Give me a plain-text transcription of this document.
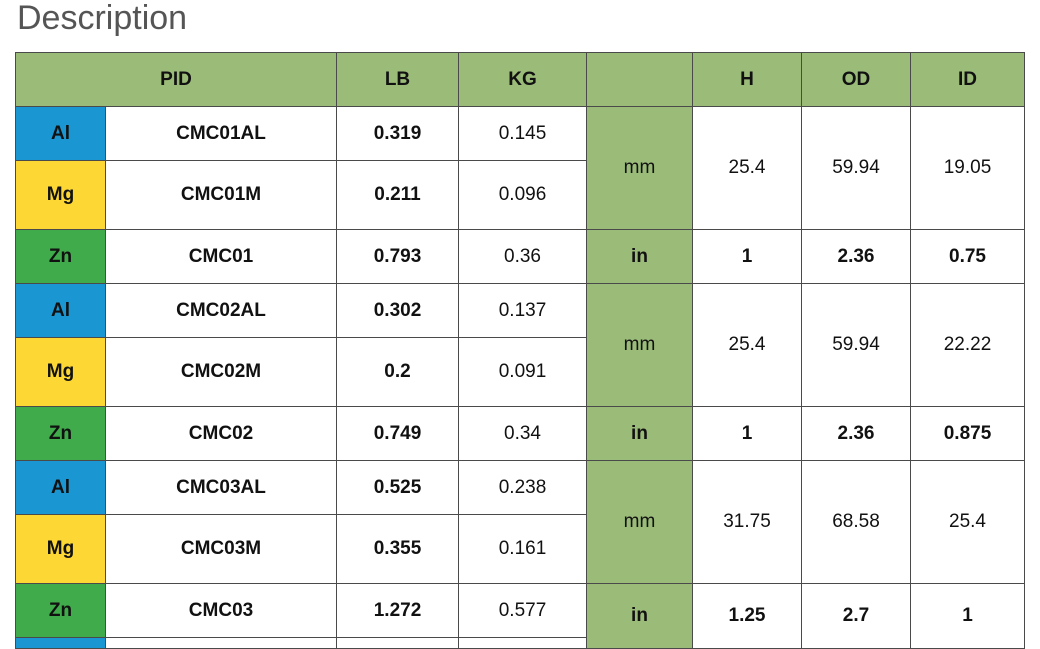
Description
PID		LB	KG		H	OD	ID
Al	CMC01AL	0.319	0.145	mm	25.4	59.94	19.05
Mg	CMC01M	0.211	0.096				
Zn	CMC01	0.793	0.36	in	1	2.36	0.75
Al	CMC02AL	0.302	0.137	mm	25.4	59.94	22.22
Mg	CMC02M	0.2	0.091				
Zn	CMC02	0.749	0.34	in	1	2.36	0.875
Al	CMC03AL	0.525	0.238	mm	31.75	68.58	25.4
Mg	CMC03M	0.355	0.161				
Zn	CMC03	1.272	0.577	in	1.25	2.7	1
